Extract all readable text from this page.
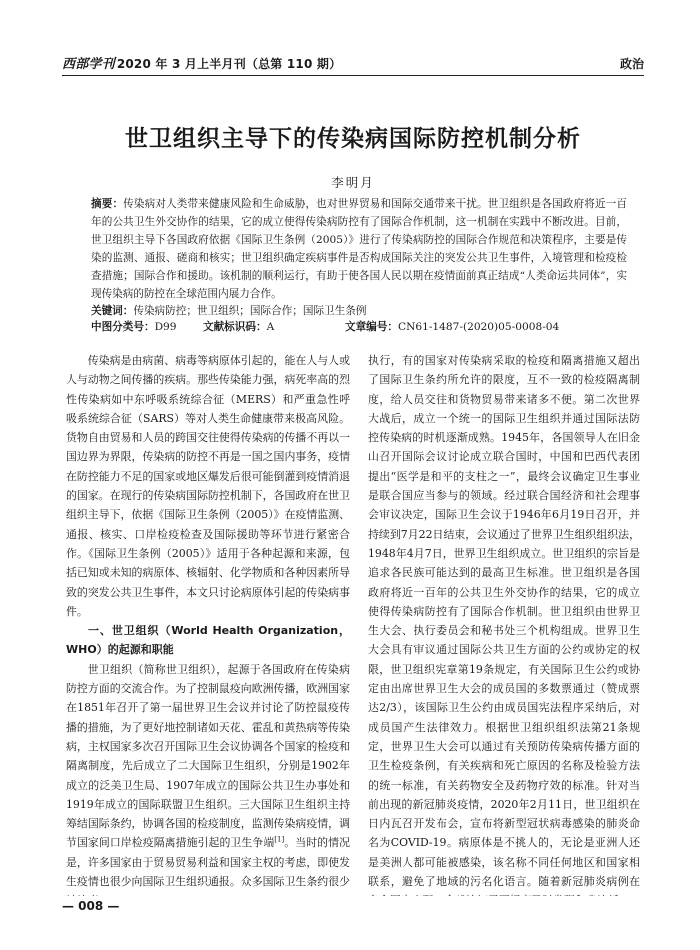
西部学刊 2020 年 3 月上半月刊（总第 110 期）	政治
世卫组织主导下的传染病国际防控机制分析
李明月
摘要：传染病对人类带来健康风险和生命威胁，也对世界贸易和国际交通带来干扰。世卫组织是各国政府将近一百年的公共卫生外交协作的结果，它的成立使得传染病防控有了国际合作机制，这一机制在实践中不断改进。目前，世卫组织主导下各国政府依据《国际卫生条例（2005）》进行了传染病防控的国际合作规范和决策程序，主要是传染的监测、通报、磋商和核实；世卫组织确定疾病事件是否构成国际关注的突发公共卫生事件，入境管理和检疫检查措施；国际合作和援助。该机制的顺利运行，有助于使各国人民以期在疫情面前真正结成“人类命运共同体”，实现传染病的防控在全球范围内展力合作。
关键词：传染病防控；世卫组织；国际合作；国际卫生条例
中图分类号：D99	文献标识码：A	文章编号：CN61-1487-(2020)05-0008-04

传染病是由病菌、病毒等病原体引起的，能在人与人或人与动物之间传播的疾病。那些传染能力强，病死率高的烈性传染病如中东呼吸系统综合征（MERS）和严重急性呼吸系统综合征（SARS）等对人类生命健康带来极高风险。货物自由贸易和人员的跨国交往使得传染病的传播不再以一国边界为界限，传染病的防控不再是一国之国内事务，疫情在防控能力不足的国家或地区爆发后很可能倒灌到疫情消退的国家。在现行的传染病国际防控机制下，各国政府在世卫组织主导下，依据《国际卫生条例（2005）》在疫情监测、通报、核实、口岸检疫检查及国际援助等环节进行紧密合作。《国际卫生条例（2005）》适用于各种起源和来源，包括已知或未知的病原体、核辐射、化学物质和各种因素所导致的突发公共卫生事件，本文只讨论病原体引起的传染病事件。

一、世卫组织（World Health Organization，WHO）的起源和职能

世卫组织（简称世卫组织），起源于各国政府在传染病防控方面的交流合作。为了控制鼠疫向欧洲传播，欧洲国家在1851年召开了第一届世界卫生会议并讨论了防控鼠疫传播的措施，为了更好地控制诸如天花、霍乱和黄热病等传染病，主权国家多次召开国际卫生会议协调各个国家的检疫和隔离制度，先后成立了二大国际卫生组织，分别是1902年成立的泛美卫生局、1907年成立的国际公共卫生办事处和1919年成立的国际联盟卫生组织。三大国际卫生组织主持筹结国际条约，协调各国的检疫制度，监测传染病疫情，调节国家间口岸检疫隔离措施引起的卫生争端[1]。当时的情况是，许多国家由于贸易贸易利益和国家主权的考虑，即使发生疫情也很少向国际卫生组织通报。众多国际卫生条约很少

执行，有的国家对传染病采取的检疫和隔离措施又超出了国际卫生条约所允许的限度，互不一致的检疫隔离制度，给人员交往和货物贸易带来诸多不便。第二次世界大战后，成立一个统一的国际卫生组织并通过国际法防控传染病的时机逐渐成熟。1945年，各国领导人在旧金山召开国际会议讨论成立联合国时，中国和巴西代表团提出“医学是和平的支柱之一”，最终会议确定卫生事业是联合国应当参与的领域。经过联合国经济和社会理事会审议决定，国际卫生会议于1946年6月19日召开，并持续到7月22日结束，会议通过了世界卫生组织组织法，1948年4月7日，世界卫生组织成立。世卫组织的宗旨是追求各民族可能达到的最高卫生标准。世卫组织是各国政府将近一百年的公共卫生外交协作的结果，它的成立使得传染病防控有了国际合作机制。世卫组织由世界卫生大会、执行委员会和秘书处三个机构组成。世界卫生大会具有审议通过国际公共卫生方面的公约或协定的权限，世卫组织宪章第19条规定，有关国际卫生公约或协定由出席世界卫生大会的成员国的多数票通过（赞成票达2/3），该国际卫生公约由成员国宪法程序采纳后，对成员国产生法律效力。根据世卫组织组织法第21条规定，世界卫生大会可以通过有关预防传染病传播方面的卫生检疫条例，有关疾病和死亡原因的名称及检验方法的统一标准，有关药物安全及药物疗效的标准。针对当前出现的新冠肺炎疫情，2020年2月11日，世卫组织在日内瓦召开发布会，宣布将新型冠状病毒感染的肺炎命名为COVID-19。病原体是不挑人的，无论是亚洲人还是美洲人都可能被感染，该名称不同任何地区和国家相联系，避免了地域的污名化语言。随着新冠肺炎病例在

— 008 —
